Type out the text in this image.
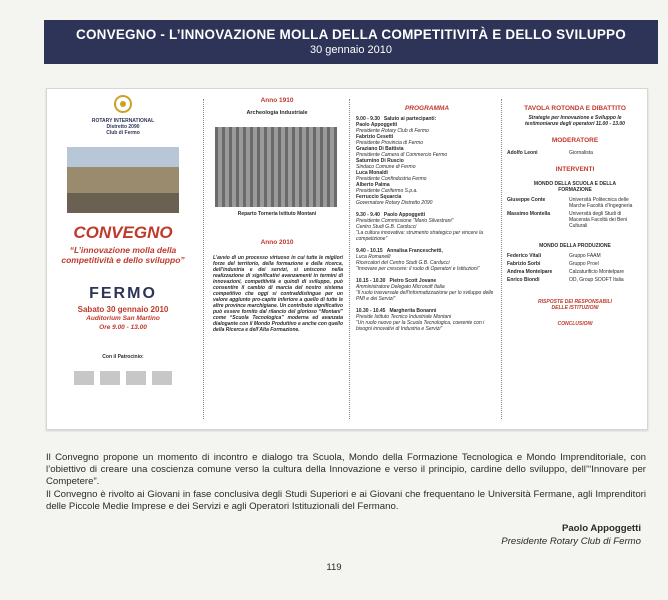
CONVEGNO - L’INNOVAZIONE MOLLA DELLA COMPETITIVITÀ E DELLO SVILUPPO
30 gennaio 2010
ROTARY INTERNATIONAL
Distretto 2090
Club di Fermo
CONVEGNO
“L’innovazione molla della competitività e dello sviluppo”
FERMO
Sabato 30 gennaio 2010
Auditorium San Martino
Ore 9.00 - 13.00
Con il Patrocinio:
Anno 1910
Archeologia Industriale
Reparto Torneria Istituto Montani
Anno 2010
L’avvio di un processo virtuoso in cui tutte le migliori forze del territorio, della formazione e della ricerca, dell’industria e dei servizi, si uniscono nella realizzazione di significativi avanzamenti in termini di innovazioni, competitività e quindi di sviluppo, può consentire il cambio di marcia del nostro sistema competitivo che oggi si contraddistingue per un valore aggiunto pro-capite inferiore a quello di tutte le altre province marchigiane. Un contributo significativo può essere fornito dal rilancio del glorioso “Montani” come “Scuola Tecnologica” moderna ed avanzata dialogante con il Mondo Produttivo e anche con quello della Ricerca e dell’Alta Formazione.
PROGRAMMA
9.00 - 9.30 Saluto ai partecipanti:
Paolo Appoggetti
Presidente Rotary Club di Fermo
Fabrizio Cesetti
Presidente Provincia di Fermo
Graziano Di Battista
Presidente Camera di Commercio Fermo
Saturnino Di Ruscio
Sindaco Comune di Fermo
Luca Monaldi
Presidente Confindustria Fermo
Alberto Palma
Presidente Carifermo S.p.a.
Ferruccio Squarcia
Governatore Rotary Distretto 2090
9.30 - 9.40 Paolo Appoggetti
Presidente Commissione “Mario Silvestrani”
Centro Studi G.B. Carducci
“La cultura innovativa: strumento strategico per vincere la competizione”
9.40 - 10.15 Annalisa Franceschetti,
Luca Romanelli
Ricercatori del Centro Studi G.B. Carducci
“Innovare per crescere: il ruolo di Operatori e Istituzioni”
10.15 - 10.30 Pietro Scott Jovane
Amministratore Delegato Microsoft Italia
“Il ruolo trasversale dell’informatizzazione per lo sviluppo delle PMI e dei Servizi”
10.30 - 10.45 Margherita Bonanni
Preside Istituto Tecnico Industriale Montani
“Un ruolo nuovo per la Scuola Tecnologica, coerente con i bisogni innovativi di Industria e Servizi”
TAVOLA ROTONDA E DIBATTITO
Strategie per Innovazione e Sviluppo le testimonianze degli operatori 11.00 - 13.00
MODERATORE
Adolfo Leoni	Giornalista
INTERVENTI
MONDO DELLA SCUOLA E DELLA FORMAZIONE
Giuseppe Conte	Università Politecnica delle Marche Facoltà d’Ingegneria
Massimo Montella	Università degli Studi di Macerata Facoltà dei Beni Culturali
MONDO DELLA PRODUZIONE
Federico Vitali	Gruppo FAAM
Fabrizio Sorbi	Gruppo Proel
Andrea Montelpare	Calzaturificio Montelpare
Enrico Biondi	OD, Group SOOFT Italia
RISPOSTE DEI RESPONSABILI DELLE ISTITUZIONI
CONCLUSIONI

Il Convegno propone un momento di incontro e dialogo tra Scuola, Mondo della Formazione Tecnologica e Mondo Imprenditoriale, con l’obiettivo di creare una coscienza comune verso la cultura della Innovazione e verso il principio, cardine dello sviluppo, dell’“Innovare per Competere”.

Il Convegno è rivolto ai Giovani in fase conclusiva degli Studi Superiori e ai Giovani che frequentano le Università Fermane, agli Imprenditori delle Piccole Medie Imprese e dei Servizi e agli Operatori Istituzionali del Fermano.

Paolo Appoggetti
Presidente Rotary Club di Fermo
119
